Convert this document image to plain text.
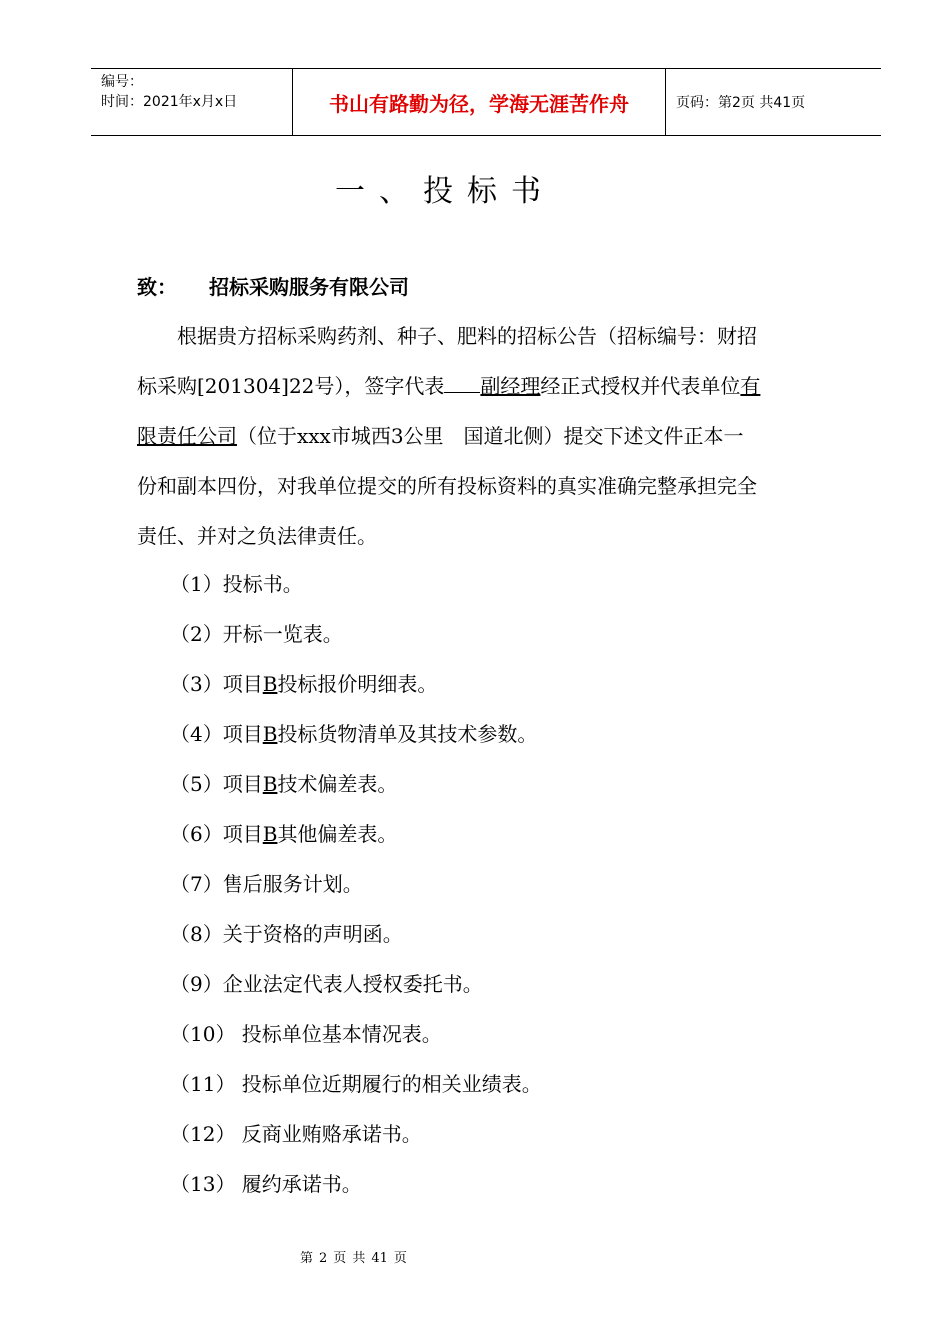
编号：
时间：2021年x月x日	书山有路勤为径，学海无涯苦作舟	页码：第2页 共41页
一、投标书
致： 招标采购服务有限公司
根据贵方招标采购药剂、种子、肥料的招标公告（招标编号：财招
标采购[201304]22号），签字代表 副经理经正式授权并代表单位有
限责任公司（位于xxx市城西3公里　国道北侧）提交下述文件正本一
份和副本四份，对我单位提交的所有投标资料的真实准确完整承担完全
责任、并对之负法律责任。
（1）投标书。
（2）开标一览表。
（3）项目B投标报价明细表。
（4）项目B投标货物清单及其技术参数。
（5）项目B技术偏差表。
（6）项目B其他偏差表。
（7）售后服务计划。
（8）关于资格的声明函。
（9）企业法定代表人授权委托书。
（10） 投标单位基本情况表。
（11） 投标单位近期履行的相关业绩表。
（12） 反商业贿赂承诺书。
（13） 履约承诺书。
第 2 页 共 41 页
